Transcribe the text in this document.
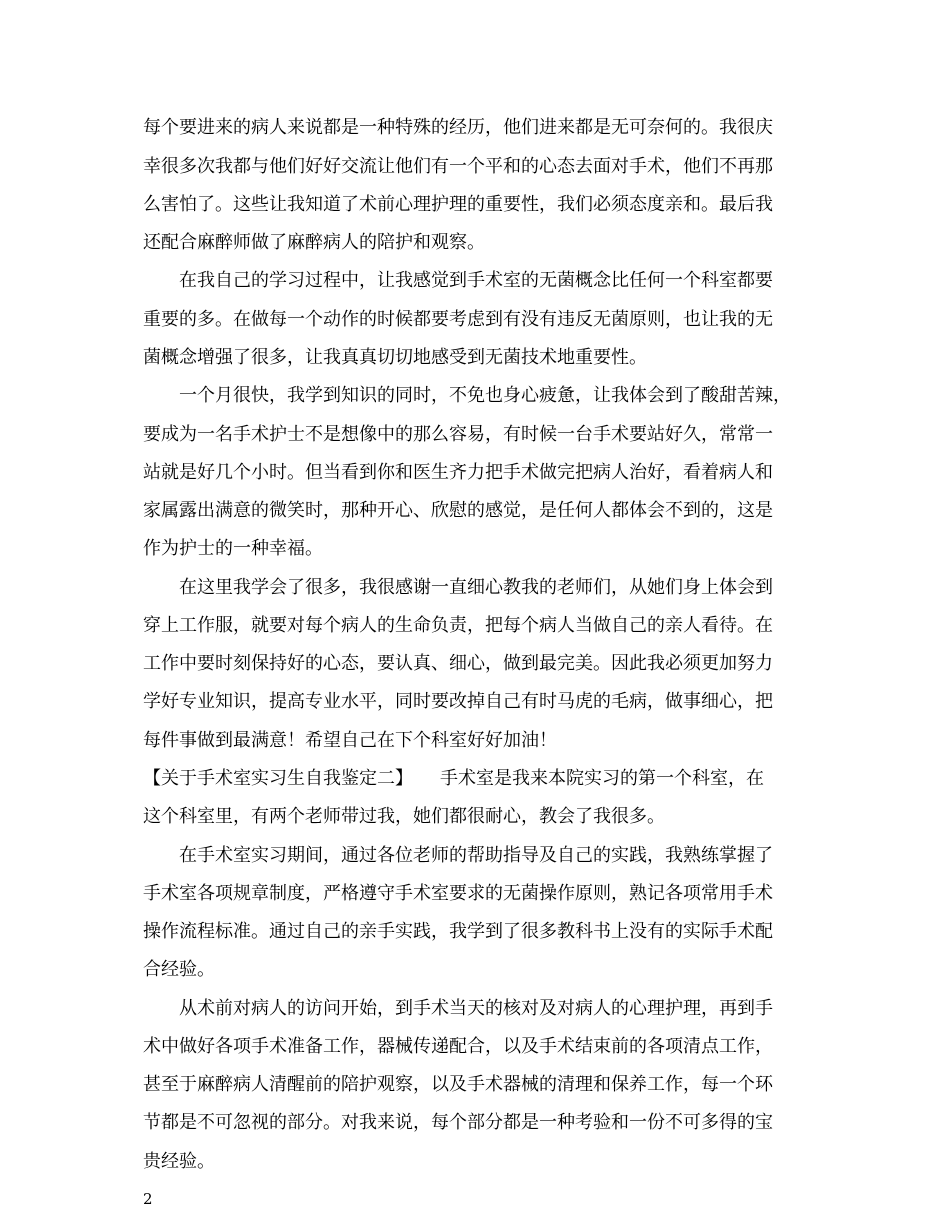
每个要进来的病人来说都是一种特殊的经历，他们进来都是无可奈何的。我很庆
幸很多次我都与他们好好交流让他们有一个平和的心态去面对手术，他们不再那
么害怕了。这些让我知道了术前心理护理的重要性，我们必须态度亲和。最后我
还配合麻醉师做了麻醉病人的陪护和观察。
　　在我自己的学习过程中，让我感觉到手术室的无菌概念比任何一个科室都要
重要的多。在做每一个动作的时候都要考虑到有没有违反无菌原则，也让我的无
菌概念增强了很多，让我真真切切地感受到无菌技术地重要性。
　　一个月很快，我学到知识的同时，不免也身心疲惫，让我体会到了酸甜苦辣，
要成为一名手术护士不是想像中的那么容易，有时候一台手术要站好久，常常一
站就是好几个小时。但当看到你和医生齐力把手术做完把病人治好，看着病人和
家属露出满意的微笑时，那种开心、欣慰的感觉，是任何人都体会不到的，这是
作为护士的一种幸福。
　　在这里我学会了很多，我很感谢一直细心教我的老师们，从她们身上体会到
穿上工作服，就要对每个病人的生命负责，把每个病人当做自己的亲人看待。在
工作中要时刻保持好的心态，要认真、细心，做到最完美。因此我必须更加努力
学好专业知识，提高专业水平，同时要改掉自己有时马虎的毛病，做事细心，把
每件事做到最满意！希望自己在下个科室好好加油！
【关于手术室实习生自我鉴定二】　　手术室是我来本院实习的第一个科室，在
这个科室里，有两个老师带过我，她们都很耐心，教会了我很多。
　　在手术室实习期间，通过各位老师的帮助指导及自己的实践，我熟练掌握了
手术室各项规章制度，严格遵守手术室要求的无菌操作原则，熟记各项常用手术
操作流程标准。通过自己的亲手实践，我学到了很多教科书上没有的实际手术配
合经验。
　　从术前对病人的访问开始，到手术当天的核对及对病人的心理护理，再到手
术中做好各项手术准备工作，器械传递配合，以及手术结束前的各项清点工作，
甚至于麻醉病人清醒前的陪护观察，以及手术器械的清理和保养工作，每一个环
节都是不可忽视的部分。对我来说，每个部分都是一种考验和一份不可多得的宝
贵经验。
2
